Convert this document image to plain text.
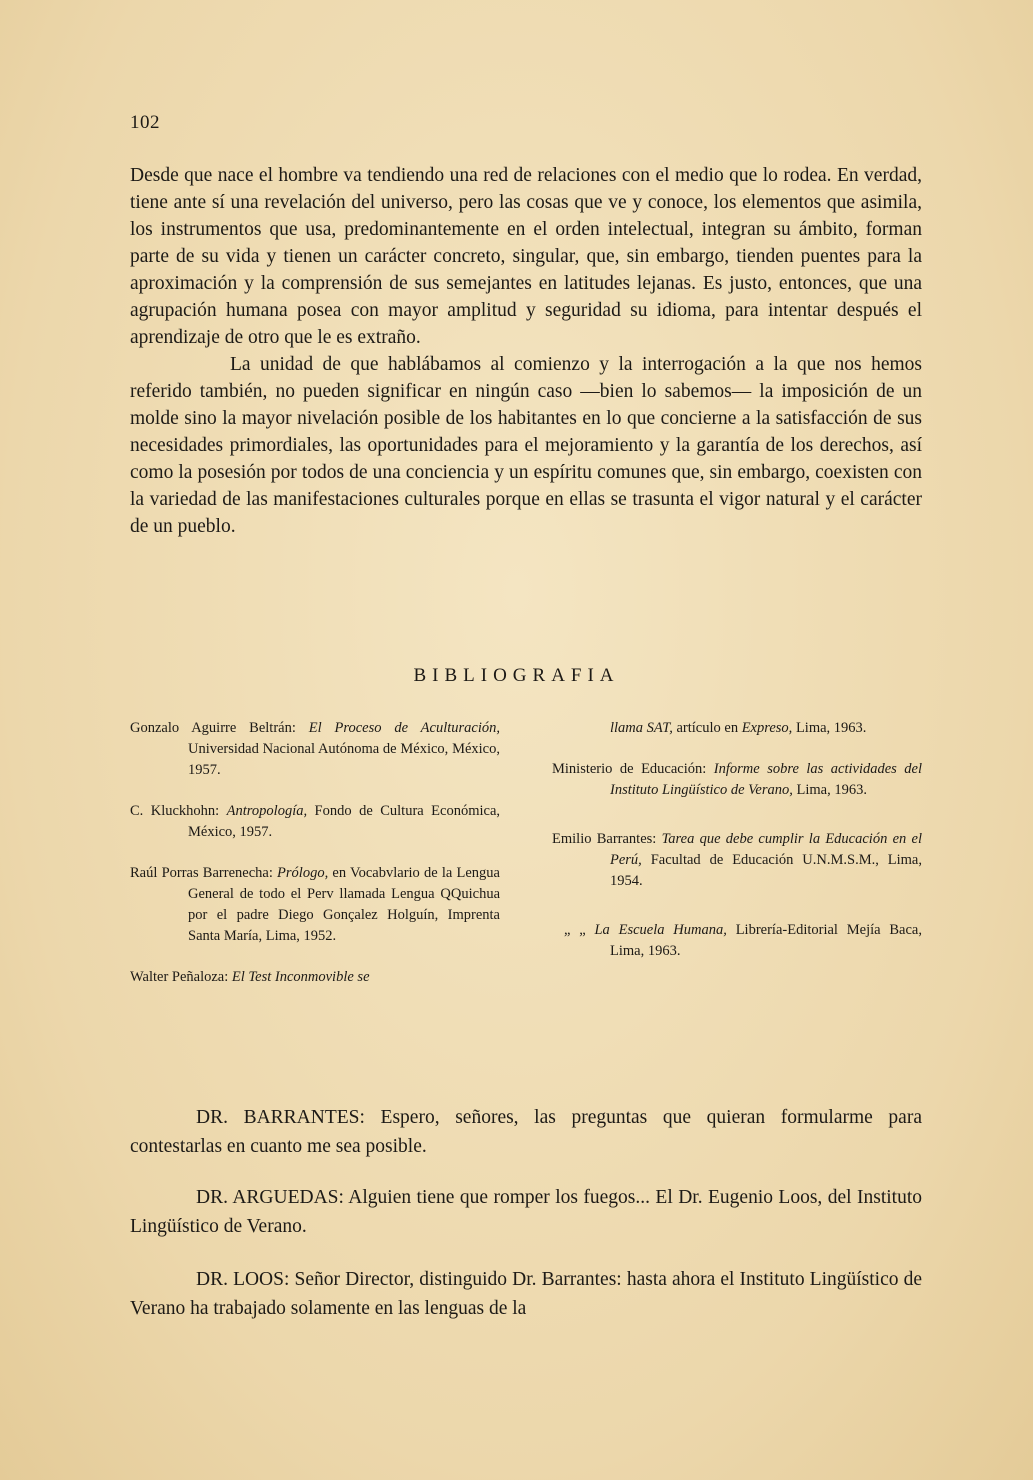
102

Desde que nace el hombre va tendiendo una red de relaciones con el medio que lo rodea. En verdad, tiene ante sí una revelación del universo, pero las cosas que ve y conoce, los elementos que asimila, los instrumentos que usa, predominantemente en el orden intelectual, integran su ámbito, forman parte de su vida y tienen un carácter concreto, singular, que, sin embargo, tienden puentes para la aproximación y la comprensión de sus semejantes en latitudes lejanas. Es justo, entonces, que una agrupación humana posea con mayor amplitud y seguridad su idioma, para intentar después el aprendizaje de otro que le es extraño.

La unidad de que hablábamos al comienzo y la interrogación a la que nos hemos referido también, no pueden significar en ningún caso —bien lo sabemos— la imposición de un molde sino la mayor nivelación posible de los habitantes en lo que concierne a la satisfacción de sus necesidades primordiales, las oportunidades para el mejoramiento y la garantía de los derechos, así como la posesión por todos de una conciencia y un espíritu comunes que, sin embargo, coexisten con la variedad de las manifestaciones culturales porque en ellas se trasunta el vigor natural y el carácter de un pueblo.

BIBLIOGRAFIA
Gonzalo Aguirre Beltrán: El Proceso de Aculturación, Universidad Nacional Autónoma de México, México, 1957.
C. Kluckhohn: Antropología, Fondo de Cultura Económica, México, 1957.
Raúl Porras Barrenecha: Prólogo, en Vocabvlario de la Lengua General de todo el Perv llamada Lengua QQuichua por el padre Diego Gonçalez Holguín, Imprenta Santa María, Lima, 1952.
Walter Peñaloza: El Test Inconmovible se
llama SAT, artículo en Expreso, Lima, 1963.
Ministerio de Educación: Informe sobre las actividades del Instituto Lingüístico de Verano, Lima, 1963.
Emilio Barrantes: Tarea que debe cumplir la Educación en el Perú, Facultad de Educación U.N.M.S.M., Lima, 1954.
„ „ La Escuela Humana, Librería-Editorial Mejía Baca, Lima, 1963.
DR. BARRANTES: Espero, señores, las preguntas que quieran formularme para contestarlas en cuanto me sea posible.
DR. ARGUEDAS: Alguien tiene que romper los fuegos... El Dr. Eugenio Loos, del Instituto Lingüístico de Verano.
DR. LOOS: Señor Director, distinguido Dr. Barrantes: hasta ahora el Instituto Lingüístico de Verano ha trabajado solamente en las lenguas de la
